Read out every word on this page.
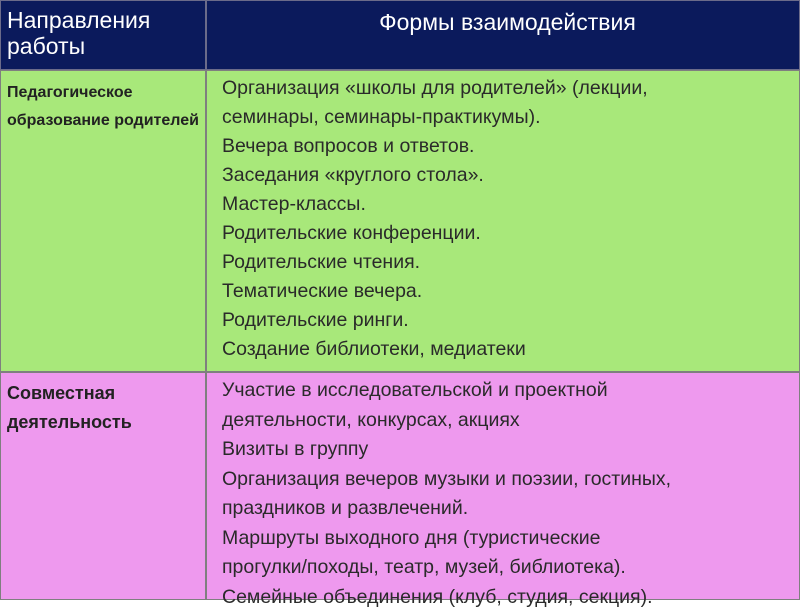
Направления работы
Формы взаимодействия
Педагогическое образование родителей
Организация «школы для родителей» (лекции,
семинары, семинары-практикумы).
Вечера вопросов и ответов.
Заседания «круглого стола».
Мастер-классы.
Родительские конференции.
Родительские чтения.
Тематические вечера.
Родительские ринги.
Создание библиотеки, медиатеки
Совместная деятельность
Участие в исследовательской и проектной
деятельности, конкурсах, акциях
Визиты в группу
Организация вечеров музыки и поэзии, гостиных,
праздников и развлечений.
Маршруты выходного дня (туристические
прогулки/походы, театр, музей, библиотека).
Семейные объединения (клуб, студия, секция).
